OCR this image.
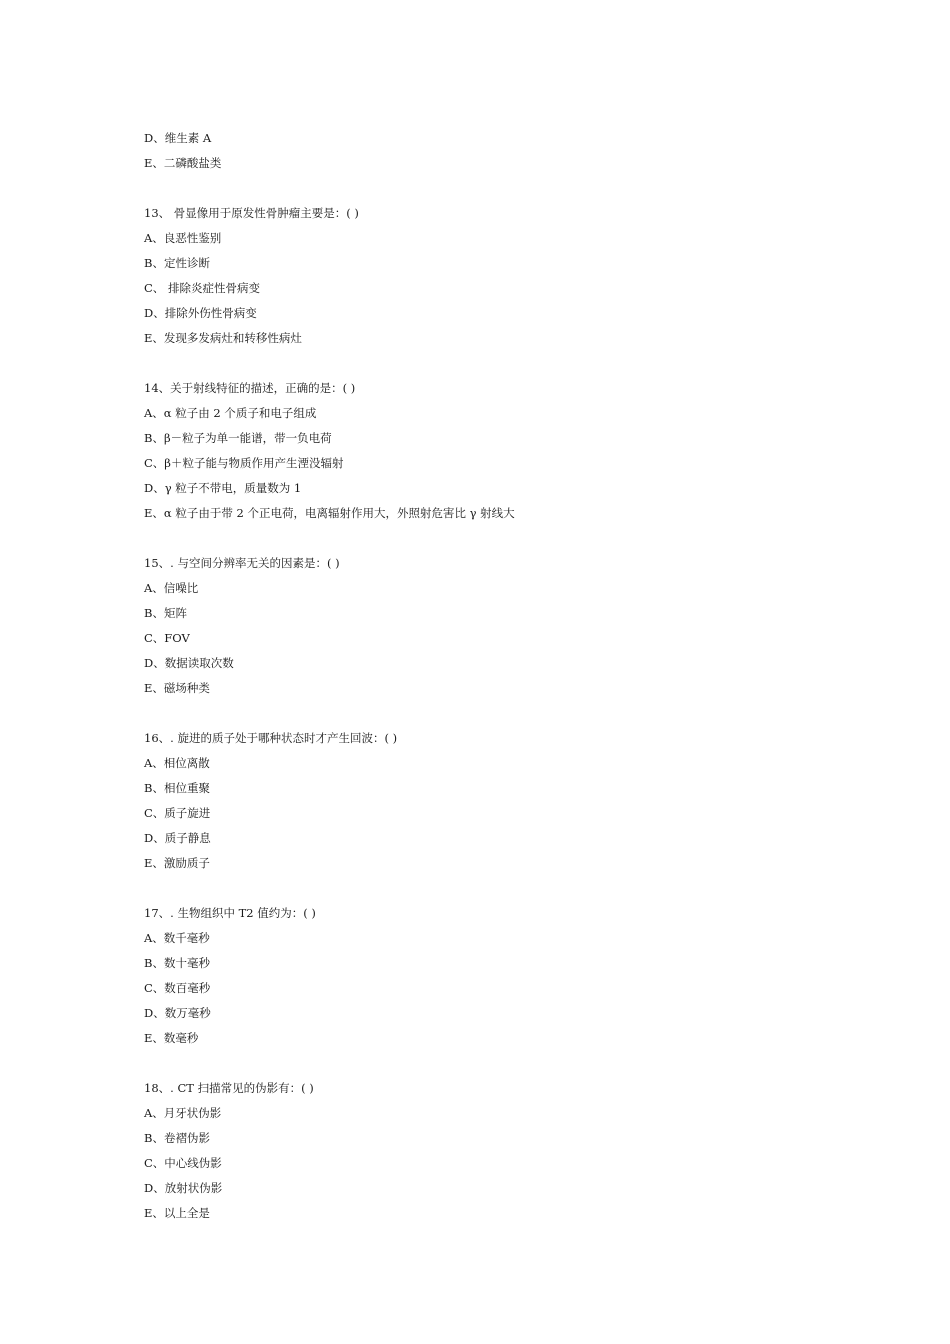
D、维生素 A
E、二磷酸盐类
13、 骨显像用于原发性骨肿瘤主要是：( )
A、良恶性鉴别
B、定性诊断
C、 排除炎症性骨病变
D、排除外伤性骨病变
E、发现多发病灶和转移性病灶
14、关于射线特征的描述，正确的是：( )
A、α 粒子由 2 个质子和电子组成
B、β－粒子为单一能谱，带一负电荷
C、β＋粒子能与物质作用产生湮没辐射
D、γ 粒子不带电，质量数为 1
E、α 粒子由于带 2 个正电荷，电离辐射作用大，外照射危害比 γ 射线大
15、. 与空间分辨率无关的因素是：( )
A、信噪比
B、矩阵
C、FOV
D、数据读取次数
E、磁场种类
16、. 旋进的质子处于哪种状态时才产生回波：( )
A、相位离散
B、相位重聚
C、质子旋进
D、质子静息
E、激励质子
17、. 生物组织中 T2 值约为：( )
A、数千毫秒
B、数十毫秒
C、数百毫秒
D、数万毫秒
E、数毫秒
18、. CT 扫描常见的伪影有：( )
A、月牙状伪影
B、卷褶伪影
C、中心线伪影
D、放射状伪影
E、以上全是
